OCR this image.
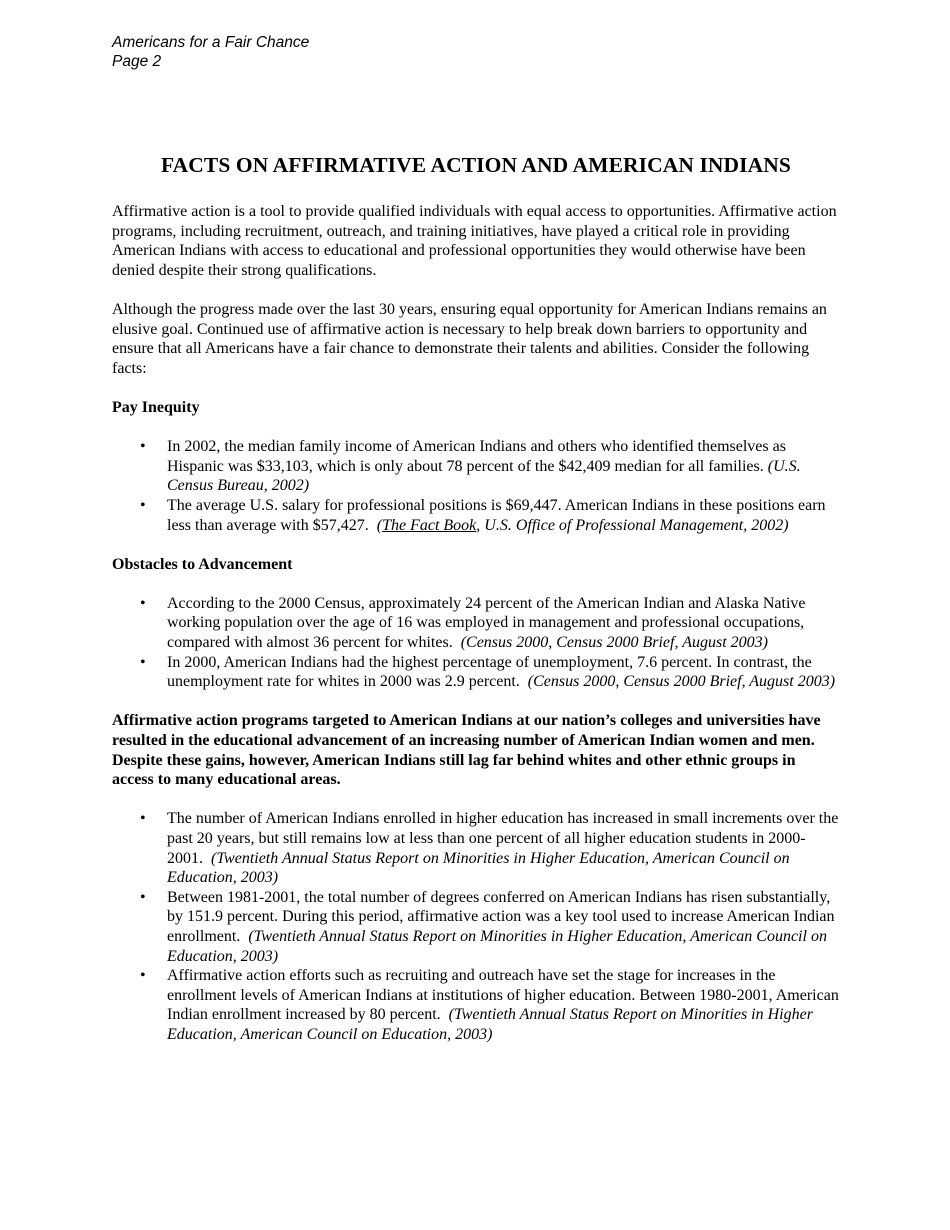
Americans for a Fair Chance
Page 2
FACTS ON AFFIRMATIVE ACTION AND AMERICAN INDIANS

Affirmative action is a tool to provide qualified individuals with equal access to opportunities. Affirmative action programs, including recruitment, outreach, and training initiatives, have played a critical role in providing American Indians with access to educational and professional opportunities they would otherwise have been denied despite their strong qualifications.

Although the progress made over the last 30 years, ensuring equal opportunity for American Indians remains an elusive goal. Continued use of affirmative action is necessary to help break down barriers to opportunity and ensure that all Americans have a fair chance to demonstrate their talents and abilities. Consider the following facts:

Pay Inequity
• In 2002, the median family income of American Indians and others who identified themselves as Hispanic was $33,103, which is only about 78 percent of the $42,409 median for all families. (U.S. Census Bureau, 2002)
• The average U.S. salary for professional positions is $69,447. American Indians in these positions earn less than average with $57,427. (The Fact Book, U.S. Office of Professional Management, 2002)
Obstacles to Advancement
• According to the 2000 Census, approximately 24 percent of the American Indian and Alaska Native working population over the age of 16 was employed in management and professional occupations, compared with almost 36 percent for whites. (Census 2000, Census 2000 Brief, August 2003)
• In 2000, American Indians had the highest percentage of unemployment, 7.6 percent. In contrast, the unemployment rate for whites in 2000 was 2.9 percent. (Census 2000, Census 2000 Brief, August 2003)

Affirmative action programs targeted to American Indians at our nation’s colleges and universities have resulted in the educational advancement of an increasing number of American Indian women and men. Despite these gains, however, American Indians still lag far behind whites and other ethnic groups in access to many educational areas.

• The number of American Indians enrolled in higher education has increased in small increments over the past 20 years, but still remains low at less than one percent of all higher education students in 2000-2001. (Twentieth Annual Status Report on Minorities in Higher Education, American Council on Education, 2003)
• Between 1981-2001, the total number of degrees conferred on American Indians has risen substantially, by 151.9 percent. During this period, affirmative action was a key tool used to increase American Indian enrollment. (Twentieth Annual Status Report on Minorities in Higher Education, American Council on Education, 2003)
• Affirmative action efforts such as recruiting and outreach have set the stage for increases in the enrollment levels of American Indians at institutions of higher education. Between 1980-2001, American Indian enrollment increased by 80 percent. (Twentieth Annual Status Report on Minorities in Higher Education, American Council on Education, 2003)
